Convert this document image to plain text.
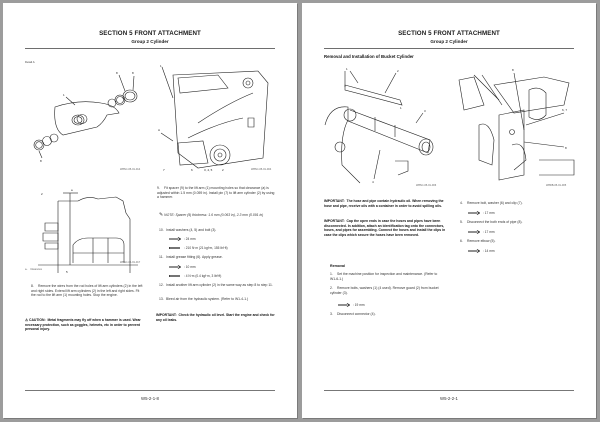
SECTION 5 FRONT ATTACHMENT
Group 2 Cylinder
Detail A
1
8	8
8
W8SC-05-01-014
1
A
7	6	3, 4, 5	2	W8SC-05-01-004
2
a
5
W8SC-05-01-017
a- Clearance
8. Remove the wires from the rod holes of lift arm cylinders (2) in the left and right sides. Extend lift arm cylinders (2) in the left and right sides. Fit the rod to the lift arm (1) mounting holes. Stop the engine.
⚠ CAUTION: Metal fragments may fly off when a hammer is used. Wear necessary protection, such as goggles, helmets, etc in order to prevent personal injury.
9. Fit spacer (9) to the lift arm (1) mounting holes so that clearance (a) is adjusted within 1.5 mm (0.059 in). Install pin (7) to lift arm cylinder (2) by using a hammer.
✎ NOTE: Spacer (9) thickness: 1.6 mm (0.063 in), 2.3 mm (0.091 in)
10. Install washers (4, 5) and bolt (3).
: 24 mm
: 210 N·m (21 kgf·m, 155 lbf·ft)
11. Install grease fitting (6). Apply grease.
: 10 mm
: 4 N·m (0.4 kgf·m, 3 lbf·ft)
12. Install another lift arm cylinder (2) in the same way as step 8 to step 11.
13. Bleed air from the hydraulic system. (Refer to W1-4-1.)
IMPORTANT: Check the hydraulic oil level. Start the engine and check for any oil leaks.
W5-2-1-8
SECTION 5 FRONT ATTACHMENT
Group 2 Cylinder
Removal and Installation of Bucket Cylinder
1	2
1
3
4
W8SC-05-01-006
8
6, 7
8
W8DB-05-01-005
IMPORTANT: The hose and pipe contain hydraulic oil. When removing the hose and pipe, receive oils with a container in order to avoid spilling oils.
IMPORTANT: Cap the open ends in case the hoses and pipes have been disconnected. In addition, attach an identification tag onto the connectors, hoses, and pipes for assembling. Connect the hoses and install the clips in case the clips which secure the hoses have been removed.
Removal
1. Set the machine position for inspection and maintenance. (Refer to W1-6-1.)
2. Remove bolts, washers (1) (4 used). Remove guard (2) from bucket cylinder (3).
: 19 mm
3. Disconnect connector (4).
4. Remove bolt, washer (6) and clip (7).
: 17 mm
5. Disconnect the both ends of pipe (8).
: 17 mm
6. Remove elbow (5).
: 14 mm
W5-2-2-1
